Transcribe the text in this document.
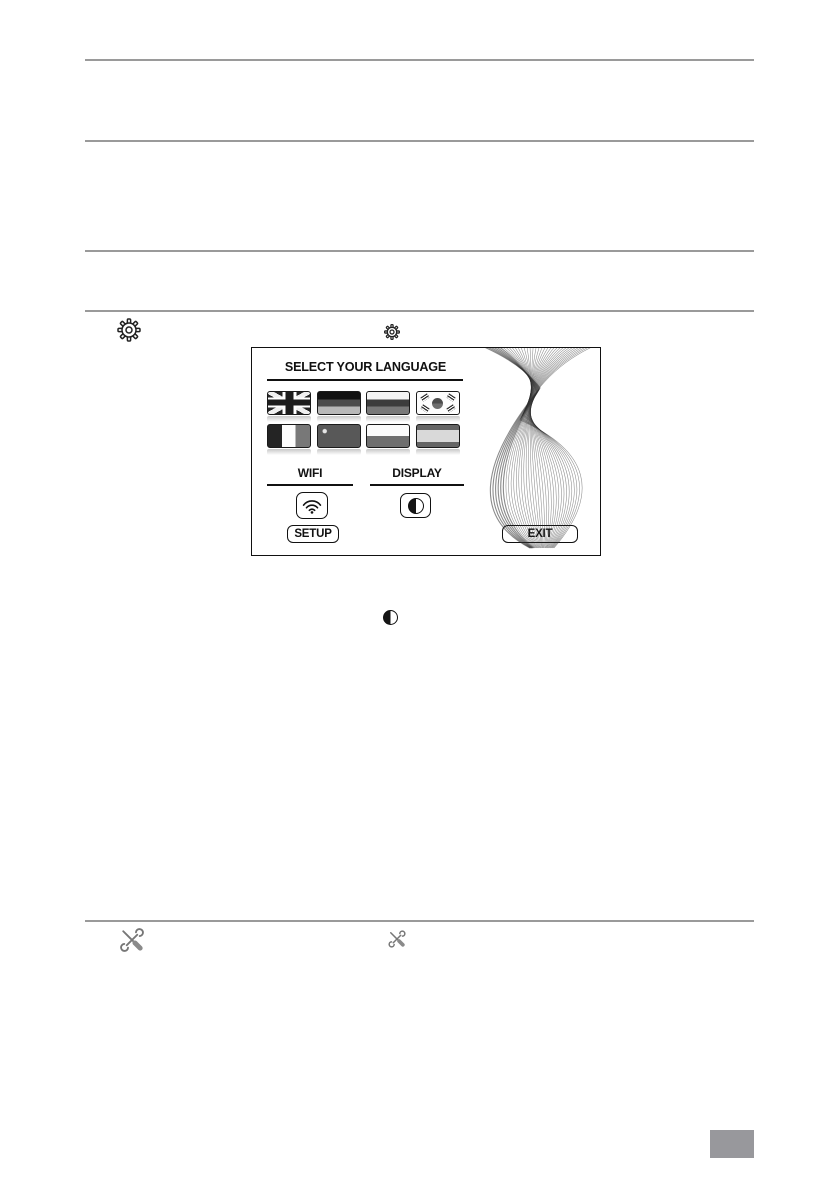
SELECT YOUR LANGUAGE
WIFI	DISPLAY
SETUP	EXIT
